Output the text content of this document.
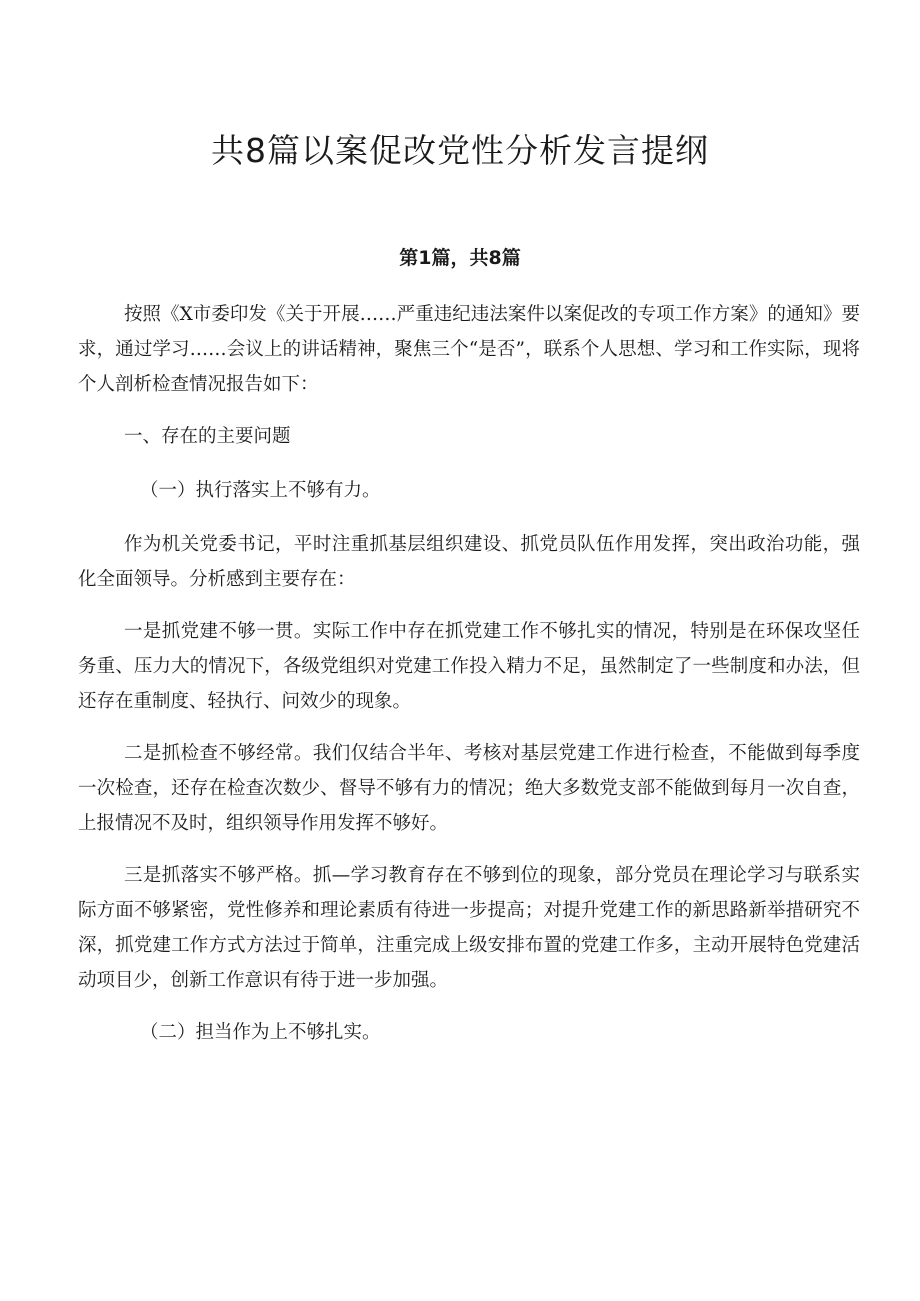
共8篇以案促改党性分析发言提纲
第1篇，共8篇

按照《X市委印发《关于开展……严重违纪违法案件以案促改的专项工作方案》的通知》要求，通过学习……会议上的讲话精神，聚焦三个“是否”，联系个人思想、学习和工作实际，现将个人剖析检查情况报告如下：

一、存在的主要问题

（一）执行落实上不够有力。

作为机关党委书记，平时注重抓基层组织建设、抓党员队伍作用发挥，突出政治功能，强化全面领导。分析感到主要存在：

一是抓党建不够一贯。实际工作中存在抓党建工作不够扎实的情况，特别是在环保攻坚任务重、压力大的情况下，各级党组织对党建工作投入精力不足，虽然制定了一些制度和办法，但还存在重制度、轻执行、问效少的现象。

二是抓检查不够经常。我们仅结合半年、考核对基层党建工作进行检查，不能做到每季度一次检查，还存在检查次数少、督导不够有力的情况；绝大多数党支部不能做到每月一次自查，上报情况不及时，组织领导作用发挥不够好。

三是抓落实不够严格。抓—学习教育存在不够到位的现象，部分党员在理论学习与联系实际方面不够紧密，党性修养和理论素质有待进一步提高；对提升党建工作的新思路新举措研究不深，抓党建工作方式方法过于简单，注重完成上级安排布置的党建工作多，主动开展特色党建活动项目少，创新工作意识有待于进一步加强。

（二）担当作为上不够扎实。
